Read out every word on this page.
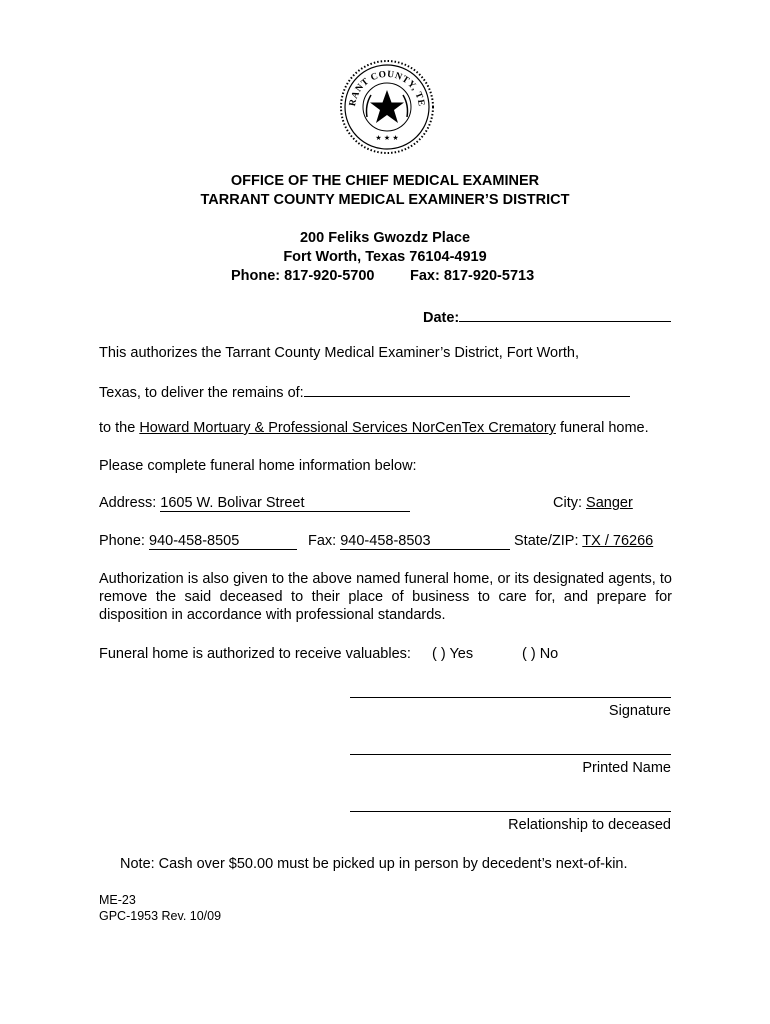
RANT COUNTY, TE
★ ★ ★
OFFICE OF THE CHIEF MEDICAL EXAMINER
TARRANT COUNTY MEDICAL EXAMINER’S DISTRICT
200 Feliks Gwozdz Place
Fort Worth, Texas 76104-4919
Phone: 817-920-5700 Fax: 817-920-5713
Date:
This authorizes the Tarrant County Medical Examiner’s District, Fort Worth,
Texas, to deliver the remains of:
to the Howard Mortuary & Professional Services NorCenTex Crematory funeral home.
Please complete funeral home information below:
Address: 1605 W. Bolivar Street	City: Sanger
Phone: 940-458-8505	Fax: 940-458-8503	State/ZIP: TX / 76266
Authorization is also given to the above named funeral home, or its designated agents, to remove the said deceased to their place of business to care for, and prepare for disposition in accordance with professional standards.
Funeral home is authorized to receive valuables: ( ) Yes	( ) No
Signature
Printed Name
Relationship to deceased
Note: Cash over $50.00 must be picked up in person by decedent’s next-of-kin.
ME-23
GPC-1953 Rev. 10/09
